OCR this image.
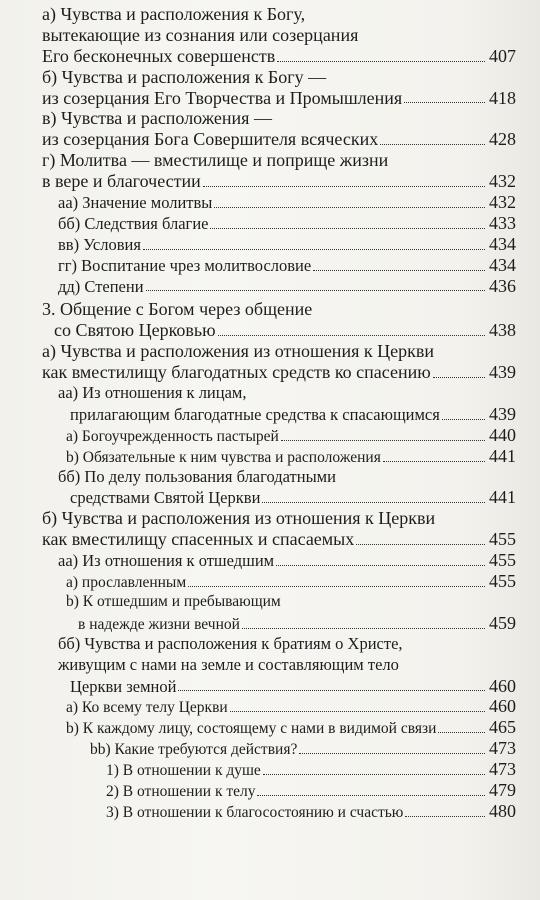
а) Чувства и расположения к Богу,
вытекающие из сознания или созерцания
Его бесконечных совершенств	407
б) Чувства и расположения к Богу —
из созерцания Его Творчества и Промышления	418
в) Чувства и расположения —
из созерцания Бога Совершителя всяческих	428
г) Молитва — вместилище и поприще жизни
в вере и благочестии	432
аа) Значение молитвы	432
бб) Следствия благие	433
вв) Условия	434
гг) Воспитание чрез молитвословие	434
дд) Степени	436
3. Общение с Богом через общение
со Святою Церковью	438
а) Чувства и расположения из отношения к Церкви
как вместилищу благодатных средств ко спасению	439
аа) Из отношения к лицам,
прилагающим благодатные средства к спасающимся	439
a) Богоучрежденность пастырей	440
b) Обязательные к ним чувства и расположения	441
бб) По делу пользования благодатными
средствами Святой Церкви	441
б) Чувства и расположения из отношения к Церкви
как вместилищу спасенных и спасаемых	455
аа) Из отношения к отшедшим	455
a) прославленным	455
b) К отшедшим и пребывающим
в надежде жизни вечной	459
бб) Чувства и расположения к братиям о Христе,
живущим с нами на земле и составляющим тело
Церкви земной	460
a) Ко всему телу Церкви	460
b) К каждому лицу, состоящему с нами в видимой связи	465
bb) Какие требуются действия?	473
1) В отношении к душе	473
2) В отношении к телу	479
3) В отношении к благосостоянию и счастью	480
